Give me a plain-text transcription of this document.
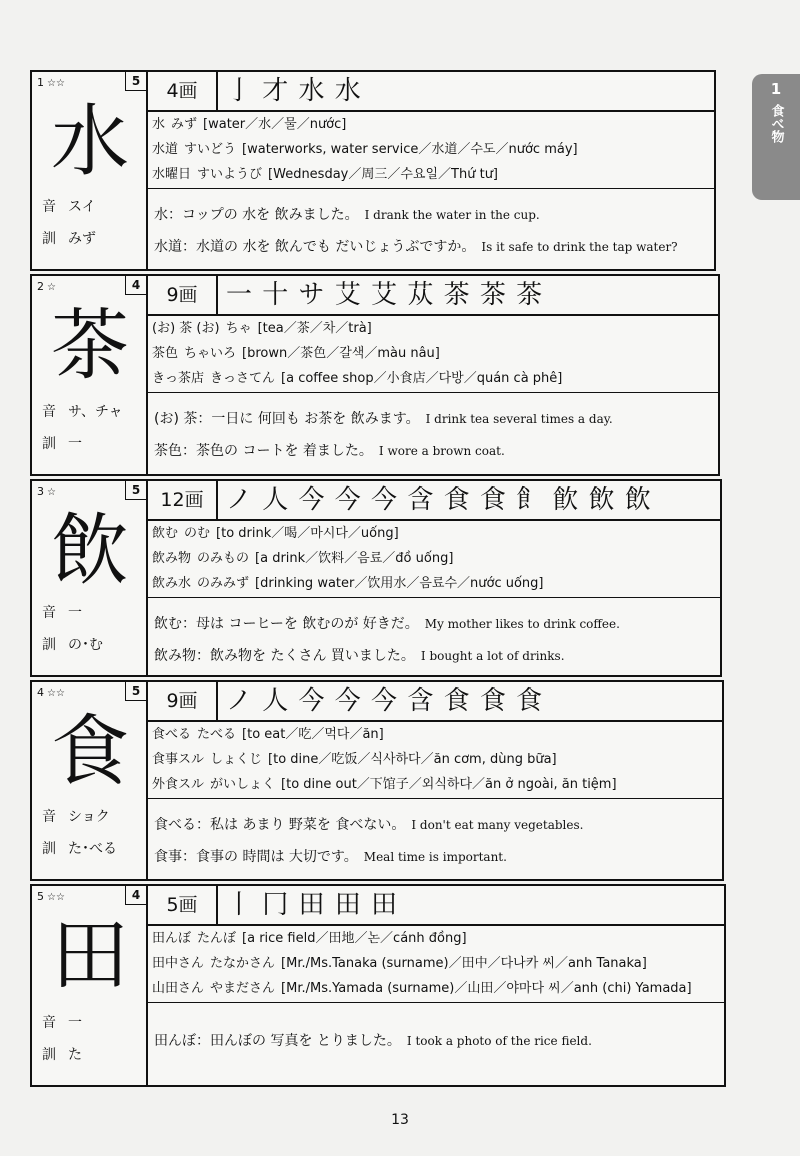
1
食べ物
1 ☆☆	5
水
音 スイ
訓 みず
4画	亅 才 水 水
水 みず [water／水／물／nước]
水道 すいどう [waterworks, water service／水道／수도／nước máy]
水曜日 すいようび [Wednesday／周三／수요일／Thứ tư]
水：コップの 水を 飲みました。 I drank the water in the cup.
水道：水道の 水を 飲んでも だいじょうぶですか。 Is it safe to drink the tap water?
2 ☆	4
茶
音 サ、チャ
訓 一
9画	一 十 サ 艾 艾 苁 茶 茶 茶
(お) 茶 (お) ちゃ [tea／茶／차／trà]
茶色 ちゃいろ [brown／茶色／갈색／màu nâu]
きっ茶店 きっさてん [a coffee shop／小食店／다방／quán cà phê]
(お) 茶：一日に 何回も お茶を 飲みます。 I drink tea several times a day.
茶色：茶色の コートを 着ました。 I wore a brown coat.
3 ☆	5
飲
音 一
訓 の･む
12画 ノ 人 今 今 今 含 食 食 飠 飮 飲 飲
飲む のむ [to drink／喝／마시다／uống]
飲み物 のみもの [a drink／饮料／음료／đồ uống]
飲み水 のみみず [drinking water／饮用水／음료수／nước uống]
飲む：母は コーヒーを 飲むのが 好きだ。 My mother likes to drink coffee.
飲み物：飲み物を たくさん 買いました。 I bought a lot of drinks.
4 ☆☆	5
食
音 ショク
訓 た･べる
9画	ノ 人 今 今 今 含 食 食 食
食べる たべる [to eat／吃／먹다／ăn]
食事スル しょくじ [to dine／吃饭／식사하다／ăn cơm, dùng bữa]
外食スル がいしょく [to dine out／下馆子／외식하다／ăn ở ngoài, ăn tiệm]
食べる：私は あまり 野菜を 食べない。 I don't eat many vegetables.
食事：食事の 時間は 大切です。 Meal time is important.
5 ☆☆	4
田
音 一
訓 た
5画	丨 冂 田 田 田
田んぼ たんぼ [a rice field／田地／논／cánh đồng]
田中さん たなかさん [Mr./Ms.Tanaka (surname)／田中／다나카 씨／anh Tanaka]
山田さん やまださん [Mr./Ms.Yamada (surname)／山田／야마다 씨／anh (chi) Yamada]
田んぼ：田んぼの 写真を とりました。 I took a photo of the rice field.
13
